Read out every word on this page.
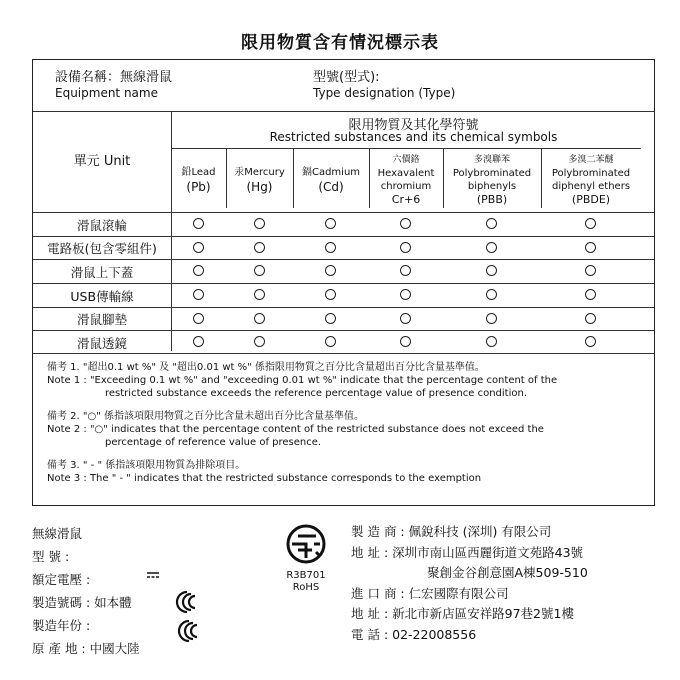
限用物質含有情況標示表
設備名稱：無線滑鼠
Equipment name
型號(型式):
Type designation (Type)
單元 Unit
限用物質及其化學符號
Restricted substances and its chemical symbols
鉛Lead
(Pb)
汞Mercury
(Hg)
鎘Cadmium
(Cd)
六價鉻
Hexavalent
chromium
Cr+6
多溴聯苯
Polybrominated
biphenyls
(PBB)
多溴二苯醚
Polybrominated
diphenyl ethers
(PBDE)
滑鼠滾輪
電路板(包含零組件)
滑鼠上下蓋
USB傳輸線
滑鼠腳墊
滑鼠透鏡
備考 1. "超出0.1 wt %" 及 "超出0.01 wt %" 係指限用物質之百分比含量超出百分比含量基準值。
Note 1 : "Exceeding 0.1 wt %" and "exceeding 0.01 wt %" indicate that the percentage content of the
restricted substance exceeds the reference percentage value of presence condition.
備考 2. "○" 係指該項限用物質之百分比含量未超出百分比含量基準值。
Note 2 : "○" indicates that the percentage content of the restricted substance does not exceed the
percentage of reference value of presence.
備考 3. " - " 係指該項限用物質為排除項目。
Note 3 : The " - " indicates that the restricted substance corresponds to the exemption
無線滑鼠
型 號 :
額定電壓 :
製造號碼 : 如本體
製造年份 :
原 產 地 : 中國大陸
R3B701
RoHS
製 造 商 : 佩銳科技 (深圳) 有限公司
地 址 : 深圳市南山區西麗街道文苑路43號
聚創金谷創意園A棟509-510
進 口 商 : 仁宏國際有限公司
地 址 : 新北市新店區安祥路97巷2號1樓
電 話 : 02-22008556
